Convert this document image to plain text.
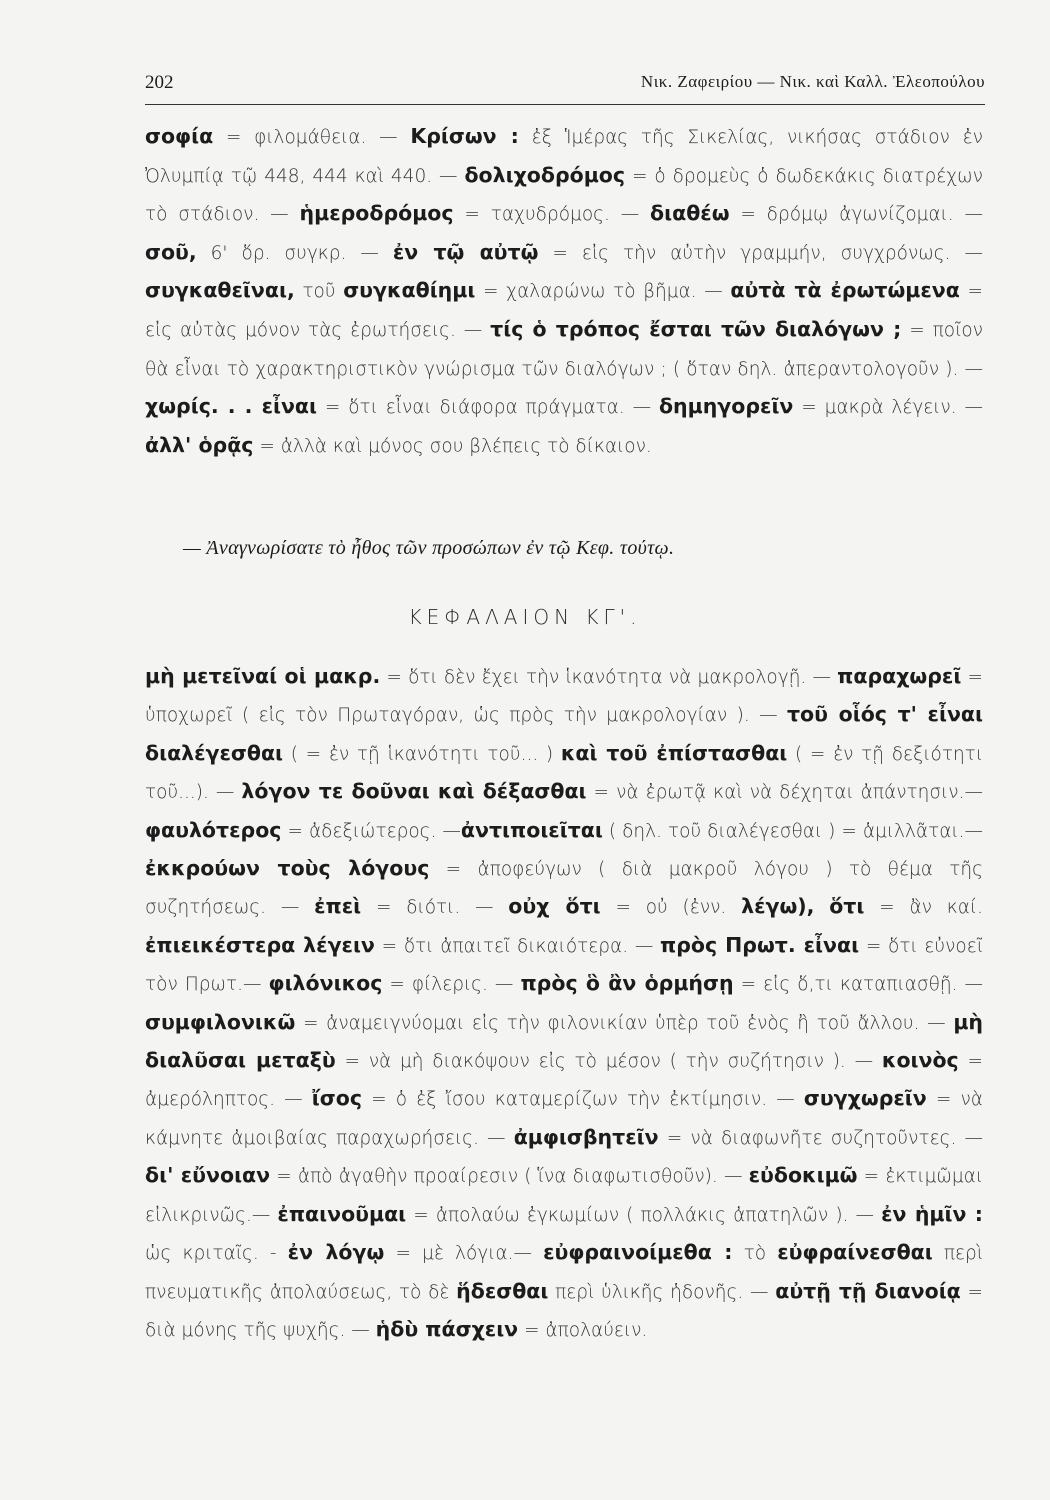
202	Νικ. Ζαφειρίου — Νικ. καὶ Καλλ. Ἐλεοπούλου
σοφία = φιλομάθεια. — Κρίσων : ἐξ Ἱμέρας τῆς Σικελίας, νικήσας στάδιον ἐν Ὀλυμπίᾳ τῷ 448, 444 καὶ 440. — δολιχοδρόμος = ὁ δρομεὺς ὁ δωδεκάκις διατρέχων τὸ στάδιον. — ἡμεροδρόμος = ταχυδρόμος. — διαθέω = δρόμῳ ἀγωνίζομαι. — σοῦ, 6' ὅρ. συγκρ. — ἐν τῷ αὐτῷ = εἰς τὴν αὐτὴν γραμμήν, συγχρόνως. — συγκαθεῖναι, τοῦ συγκαθίημι = χαλαρώνω τὸ βῆμα. — αὐτὰ τὰ ἐρωτώμενα = εἰς αὐτὰς μόνον τὰς ἐρωτήσεις. — τίς ὁ τρόπος ἔσται τῶν διαλόγων ; = ποῖον θὰ εἶναι τὸ χαρακτηριστικὸν γνώρισμα τῶν διαλόγων ; ( ὅταν δηλ. ἀπεραντολογοῦν ). — χωρίς. . . εἶναι = ὅτι εἶναι διάφορα πράγματα. — δημηγορεῖν = μακρὰ λέγειν. — ἀλλ' ὁρᾷς = ἀλλὰ καὶ μόνος σου βλέπεις τὸ δίκαιον.
— Ἀναγνωρίσατε τὸ ἦθος τῶν προσώπων ἐν τῷ Κεφ. τούτῳ.
ΚΕΦΑΛΑΙΟΝ ΚΓ'.
μὴ μετεῖναί οἱ μακρ. = ὅτι δὲν ἔχει τὴν ἱκανότητα νὰ μακρολογῇ. — παραχωρεῖ = ὑποχωρεῖ ( εἰς τὸν Πρωταγόραν, ὡς πρὸς τὴν μακρολογίαν ). — τοῦ οἷός τ' εἶναι διαλέγεσθαι ( = ἐν τῇ ἱκανότητι τοῦ... ) καὶ τοῦ ἐπίστασθαι ( = ἐν τῇ δεξιότητι τοῦ...). — λόγον τε δοῦναι καὶ δέξασθαι = νὰ ἐρωτᾷ καὶ νὰ δέχηται ἀπάντησιν.— φαυλότερος = ἀδεξιώτερος. —ἀντιποιεῖται ( δηλ. τοῦ διαλέγεσθαι ) = ἁμιλλᾶται.— ἐκκρούων τοὺς λόγους = ἀποφεύγων ( διὰ μακροῦ λόγου ) τὸ θέμα τῆς συζητήσεως. — ἐπεὶ = διότι. — οὐχ ὅτι = οὐ (ἐνν. λέγω), ὅτι = ἂν καί. ἐπιεικέστερα λέγειν = ὅτι ἀπαιτεῖ δικαιότερα. — πρὸς Πρωτ. εἶναι = ὅτι εὐνοεῖ τὸν Πρωτ.— φιλόνικος = φίλερις. — πρὸς ὃ ἂν ὁρμήσῃ = εἰς ὅ,τι καταπιασθῇ. — συμφιλονικῶ = ἀναμειγνύομαι εἰς τὴν φιλονικίαν ὑπὲρ τοῦ ἑνὸς ἢ τοῦ ἄλλου. — μὴ διαλῦσαι μεταξὺ = νὰ μὴ διακόψουν εἰς τὸ μέσον ( τὴν συζήτησιν ). — κοινὸς = ἀμερόληπτος. — ἴσος = ὁ ἐξ ἴσου καταμερίζων τὴν ἐκτίμησιν. — συγχωρεῖν = νὰ κάμνητε ἀμοιβαίας παραχωρήσεις. — ἀμφισβητεῖν = νὰ διαφωνῆτε συζητοῦντες. — δι' εὔνοιαν = ἀπὸ ἀγαθὴν προαίρεσιν ( ἵνα διαφωτισθοῦν). — εὐδοκιμῶ = ἐκτιμῶμαι εἰλικρινῶς.— ἐπαινοῦμαι = ἀπολαύω ἐγκωμίων ( πολλάκις ἀπατηλῶν ). — ἐν ἡμῖν : ὡς κριταῖς. - ἐν λόγῳ = μὲ λόγια.— εὐφραινοίμεθα : τὸ εὐφραίνεσθαι περὶ πνευματικῆς ἀπολαύσεως, τὸ δὲ ἥδεσθαι περὶ ὑλικῆς ἡδονῆς. — αὐτῇ τῇ διανοίᾳ = διὰ μόνης τῆς ψυχῆς. — ἡδὺ πάσχειν = ἀπολαύειν.
